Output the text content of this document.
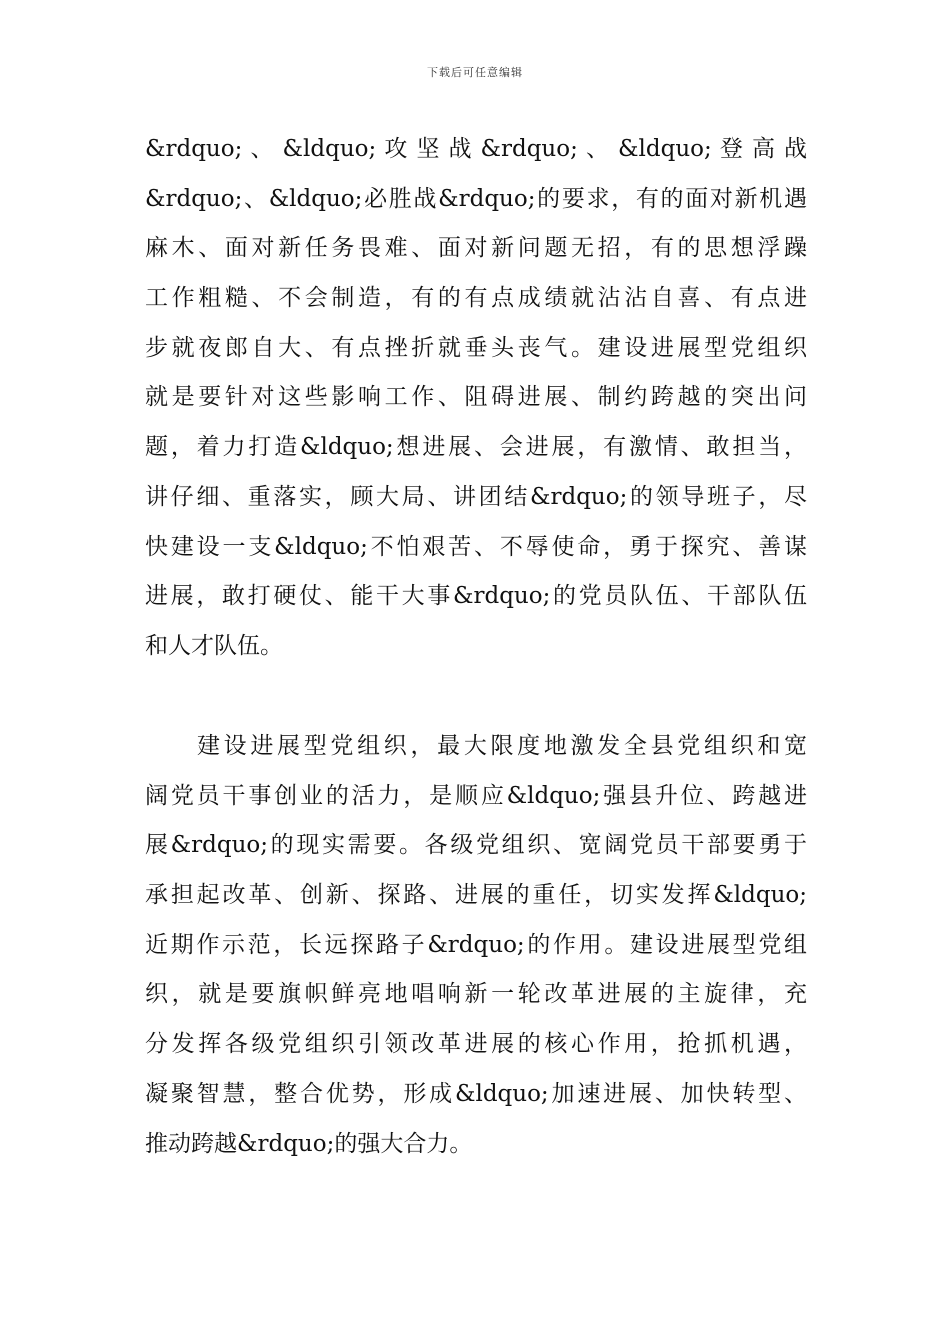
下载后可任意编辑
&rdquo; 、 &ldquo; 攻 坚 战 &rdquo; 、 &ldquo; 登 高 战
&rdquo;、&ldquo;必胜战&rdquo;的要求，有的面对新机遇
麻木、面对新任务畏难、面对新问题无招，有的思想浮躁
工作粗糙、不会制造，有的有点成绩就沾沾自喜、有点进
步就夜郎自大、有点挫折就垂头丧气。建设进展型党组织
就是要针对这些影响工作、阻碍进展、制约跨越的突出问
题，着力打造&ldquo;想进展、会进展，有激情、敢担当，
讲仔细、重落实，顾大局、讲团结&rdquo;的领导班子，尽
快建设一支&ldquo;不怕艰苦、不辱使命，勇于探究、善谋
进展，敢打硬仗、能干大事&rdquo;的党员队伍、干部队伍
和人才队伍。
建设进展型党组织，最大限度地激发全县党组织和宽
阔党员干事创业的活力，是顺应&ldquo;强县升位、跨越进
展&rdquo;的现实需要。各级党组织、宽阔党员干部要勇于
承担起改革、创新、探路、进展的重任，切实发挥&ldquo;
近期作示范，长远探路子&rdquo;的作用。建设进展型党组
织，就是要旗帜鲜亮地唱响新一轮改革进展的主旋律，充
分发挥各级党组织引领改革进展的核心作用，抢抓机遇，
凝聚智慧，整合优势，形成&ldquo;加速进展、加快转型、
推动跨越&rdquo;的强大合力。
